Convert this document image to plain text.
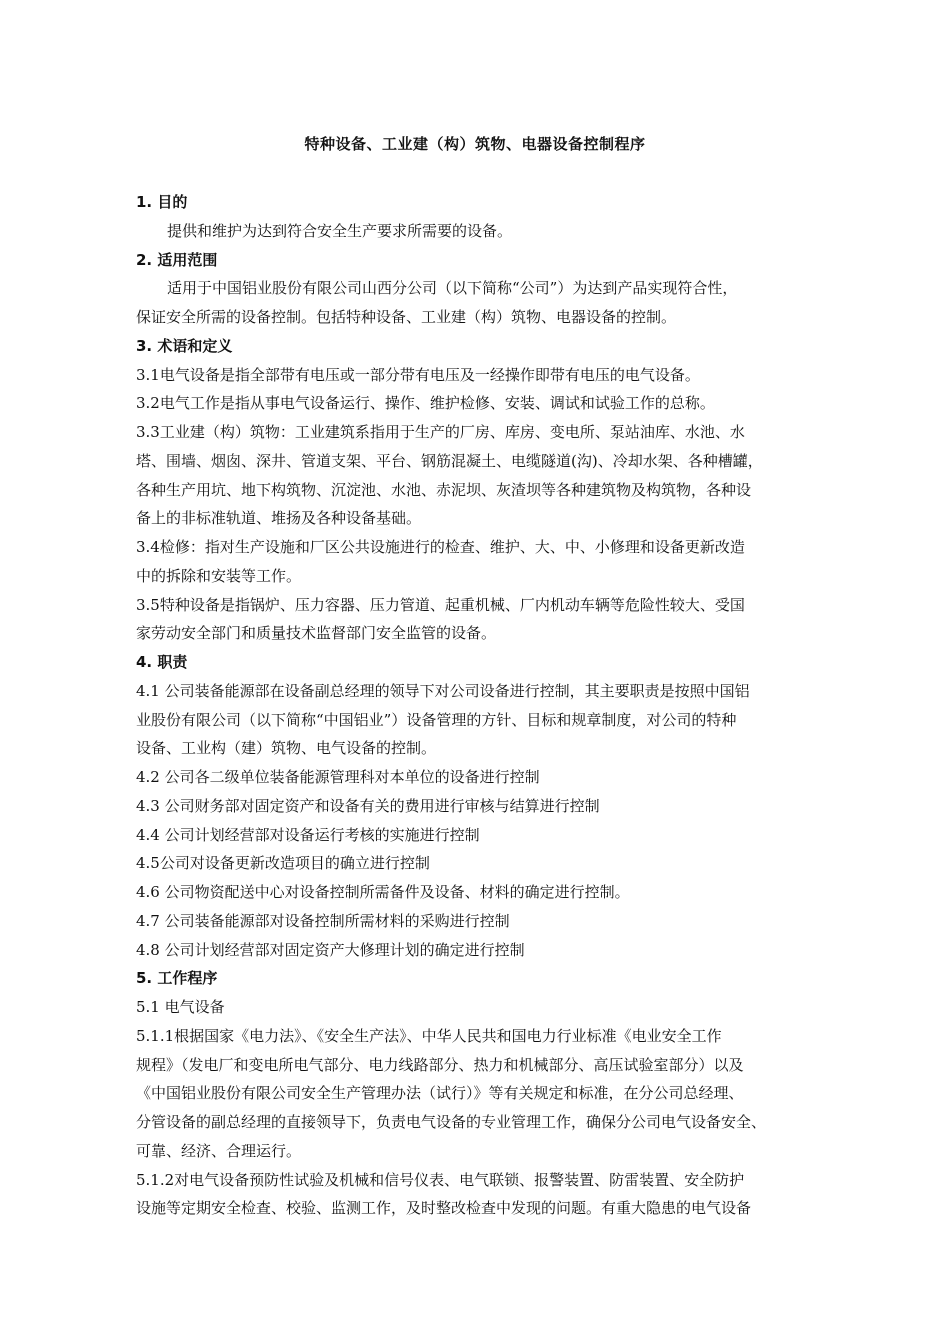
特种设备、工业建（构）筑物、电器设备控制程序
1. 目的
提供和维护为达到符合安全生产要求所需要的设备。
2. 适用范围
适用于中国铝业股份有限公司山西分公司（以下简称“公司”）为达到产品实现符合性，
保证安全所需的设备控制。包括特种设备、工业建（构）筑物、电器设备的控制。
3. 术语和定义
3.1电气设备是指全部带有电压或一部分带有电压及一经操作即带有电压的电气设备。
3.2电气工作是指从事电气设备运行、操作、维护检修、安装、调试和试验工作的总称。
3.3工业建（构）筑物：工业建筑系指用于生产的厂房、库房、变电所、泵站油库、水池、水
塔、围墙、烟囱、深井、管道支架、平台、钢筋混凝土、电缆隧道(沟)、冷却水架、各种槽罐，
各种生产用坑、地下构筑物、沉淀池、水池、赤泥坝、灰渣坝等各种建筑物及构筑物，各种设
备上的非标准轨道、堆扬及各种设备基础。
3.4检修：指对生产设施和厂区公共设施进行的检查、维护、大、中、小修理和设备更新改造
中的拆除和安装等工作。
3.5特种设备是指锅炉、压力容器、压力管道、起重机械、厂内机动车辆等危险性较大、受国
家劳动安全部门和质量技术监督部门安全监管的设备。
4. 职责
4.1 公司装备能源部在设备副总经理的领导下对公司设备进行控制，其主要职责是按照中国铝
业股份有限公司（以下简称“中国铝业”）设备管理的方针、目标和规章制度，对公司的特种
设备、工业构（建）筑物、电气设备的控制。
4.2 公司各二级单位装备能源管理科对本单位的设备进行控制
4.3 公司财务部对固定资产和设备有关的费用进行审核与结算进行控制
4.4 公司计划经营部对设备运行考核的实施进行控制
4.5公司对设备更新改造项目的确立进行控制
4.6 公司物资配送中心对设备控制所需备件及设备、材料的确定进行控制。
4.7 公司装备能源部对设备控制所需材料的采购进行控制
4.8 公司计划经营部对固定资产大修理计划的确定进行控制
5. 工作程序
5.1 电气设备
5.1.1根据国家《电力法》、《安全生产法》、中华人民共和国电力行业标准《电业安全工作
规程》（发电厂和变电所电气部分、电力线路部分、热力和机械部分、高压试验室部分）以及
《中国铝业股份有限公司安全生产管理办法（试行）》等有关规定和标准，在分公司总经理、
分管设备的副总经理的直接领导下，负责电气设备的专业管理工作，确保分公司电气设备安全、
可靠、经济、合理运行。
5.1.2对电气设备预防性试验及机械和信号仪表、电气联锁、报警装置、防雷装置、安全防护
设施等定期安全检查、校验、监测工作，及时整改检查中发现的问题。有重大隐患的电气设备
